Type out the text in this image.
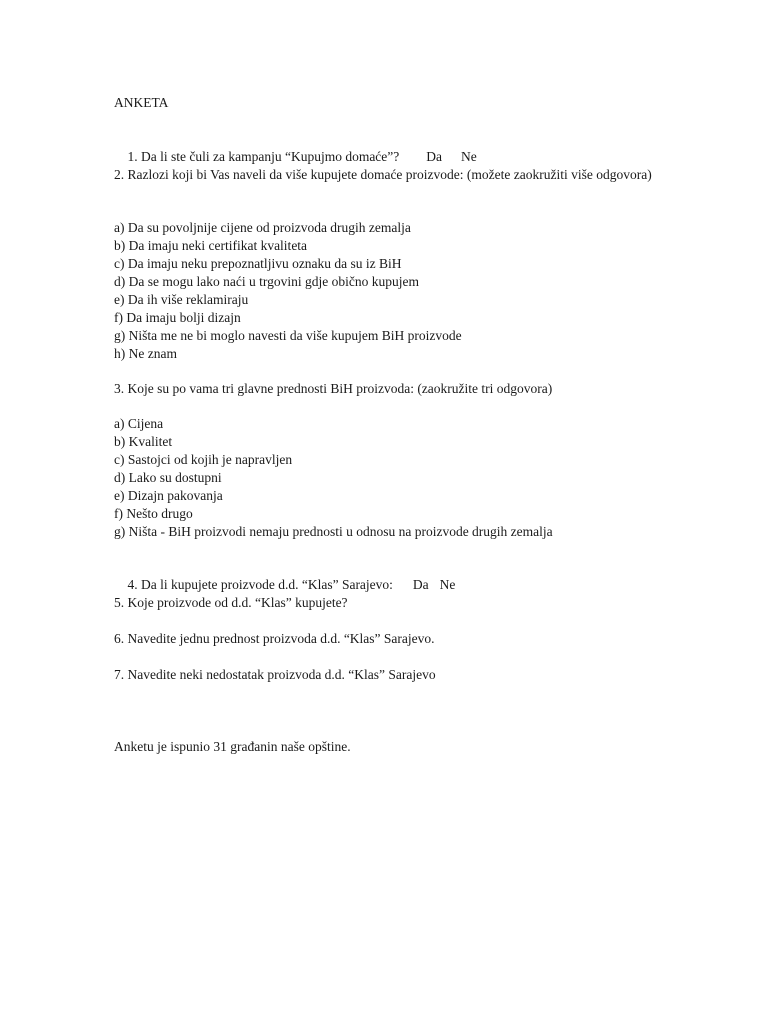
ANKETA

1. Da li ste čuli za kampanju “Kupujmo domaće”? Da Ne

2. Razlozi koji bi Vas naveli da više kupujete domaće proizvode: (možete zaokružiti više odgovora)
a) Da su povoljnije cijene od proizvoda drugih zemalja
b) Da imaju neki certifikat kvaliteta
c) Da imaju neku prepoznatljivu oznaku da su iz BiH
d) Da se mogu lako naći u trgovini gdje obično kupujem
e) Da ih više reklamiraju
f) Da imaju bolji dizajn
g) Ništa me ne bi moglo navesti da više kupujem BiH proizvode
h) Ne znam
3. Koje su po vama tri glavne prednosti BiH proizvoda: (zaokružite tri odgovora)
a) Cijena
b) Kvalitet
c) Sastojci od kojih je napravljen
d) Lako su dostupni
e) Dizajn pakovanja
f) Nešto drugo
g) Ništa - BiH proizvodi nemaju prednosti u odnosu na proizvode drugih zemalja

4. Da li kupujete proizvode d.d. “Klas” Sarajevo: Da Ne

5. Koje proizvode od d.d. “Klas” kupujete?
6. Navedite jednu prednost proizvoda d.d. “Klas” Sarajevo.
7. Navedite neki nedostatak proizvoda d.d. “Klas” Sarajevo
Anketu je ispunio 31 građanin naše opštine.
